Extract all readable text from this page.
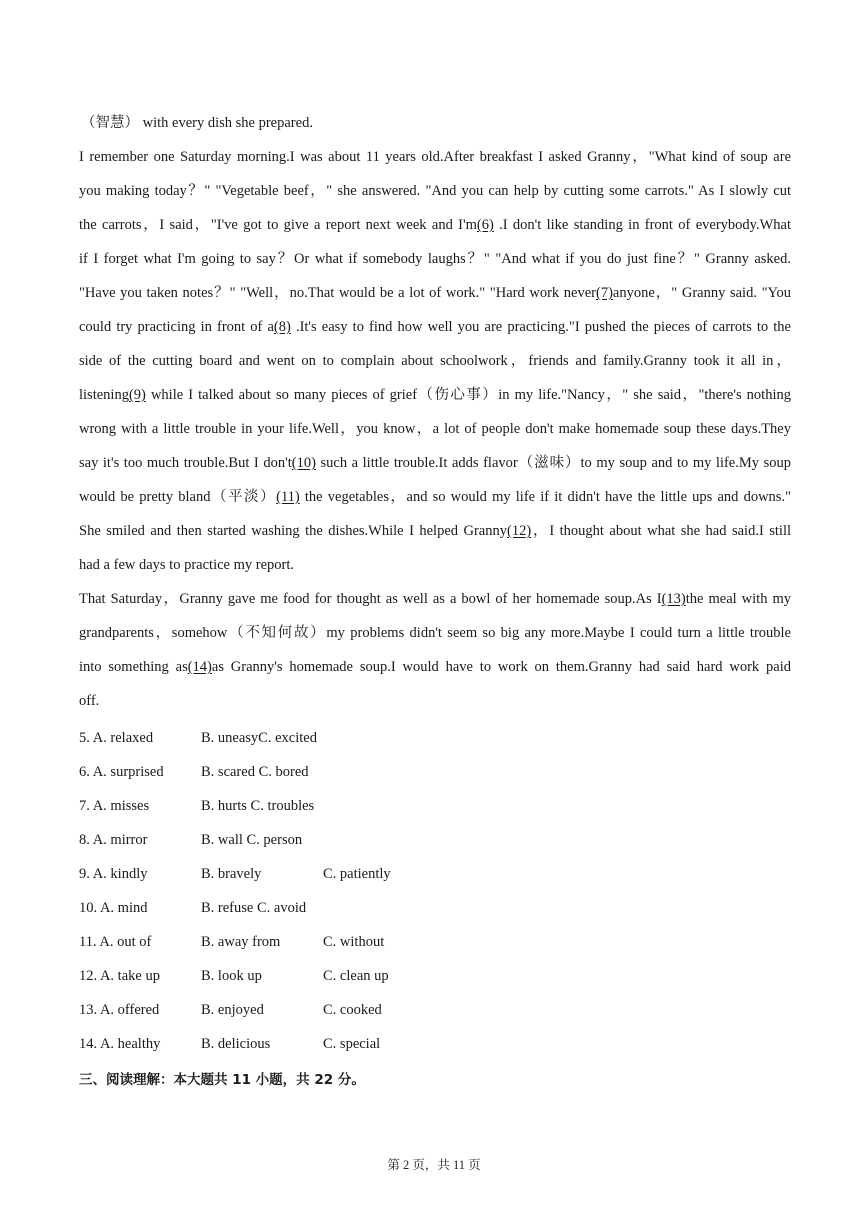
（智慧） with every dish she prepared.
I remember one Saturday morning.I was about 11 years old.After breakfast I asked Granny，"What kind of soup are
you making today？" "Vegetable beef，" she answered. "And you can help by cutting some carrots." As I slowly cut
the carrots，I said，"I've got to give a report next week and I'm(6) .I don't like standing in front of everybody.What
if I forget what I'm going to say？Or what if somebody laughs？" "And what if you do just fine？" Granny asked.
"Have you taken notes？" "Well，no.That would be a lot of work." "Hard work never(7)anyone，" Granny said. "You
could try practicing in front of a(8) .It's easy to find how well you are practicing."I pushed the pieces of carrots to the
side of the cutting board and went on to complain about schoolwork，friends and family.Granny took it all in，
listening(9) while I talked about so many pieces of grief（伤心事）in my life."Nancy，" she said，"there's nothing
wrong with a little trouble in your life.Well，you know，a lot of people don't make homemade soup these days.They
say it's too much trouble.But I don't(10) such a little trouble.It adds flavor（滋味）to my soup and to my life.My soup
would be pretty bland（平淡）(11) the vegetables，and so would my life if it didn't have the little ups and downs."
She smiled and then started washing the dishes.While I helped Granny(12)，I thought about what she had said.I still
had a few days to practice my report.
That Saturday，Granny gave me food for thought as well as a bowl of her homemade soup.As I(13)the meal with my
grandparents，somehow（不知何故）my problems didn't seem so big any more.Maybe I could turn a little trouble
into something as(14)as Granny's homemade soup.I would have to work on them.Granny had said hard work paid
off.
5. A. relaxed	B. uneasyC. excited
6. A. surprised	B. scared C. bored
7. A. misses	B. hurts C. troubles
8. A. mirror	B. wall C. person
9. A. kindly	B. bravely	C. patiently
10. A. mind	B. refuse C. avoid
11. A. out of	B. away from	C. without
12. A. take up	B. look up	C. clean up
13. A. offered	B. enjoyed	C. cooked
14. A. healthy	B. delicious	C. special
三、阅读理解：本大题共 11 小题，共 22 分。
第 2 页，共 11 页
